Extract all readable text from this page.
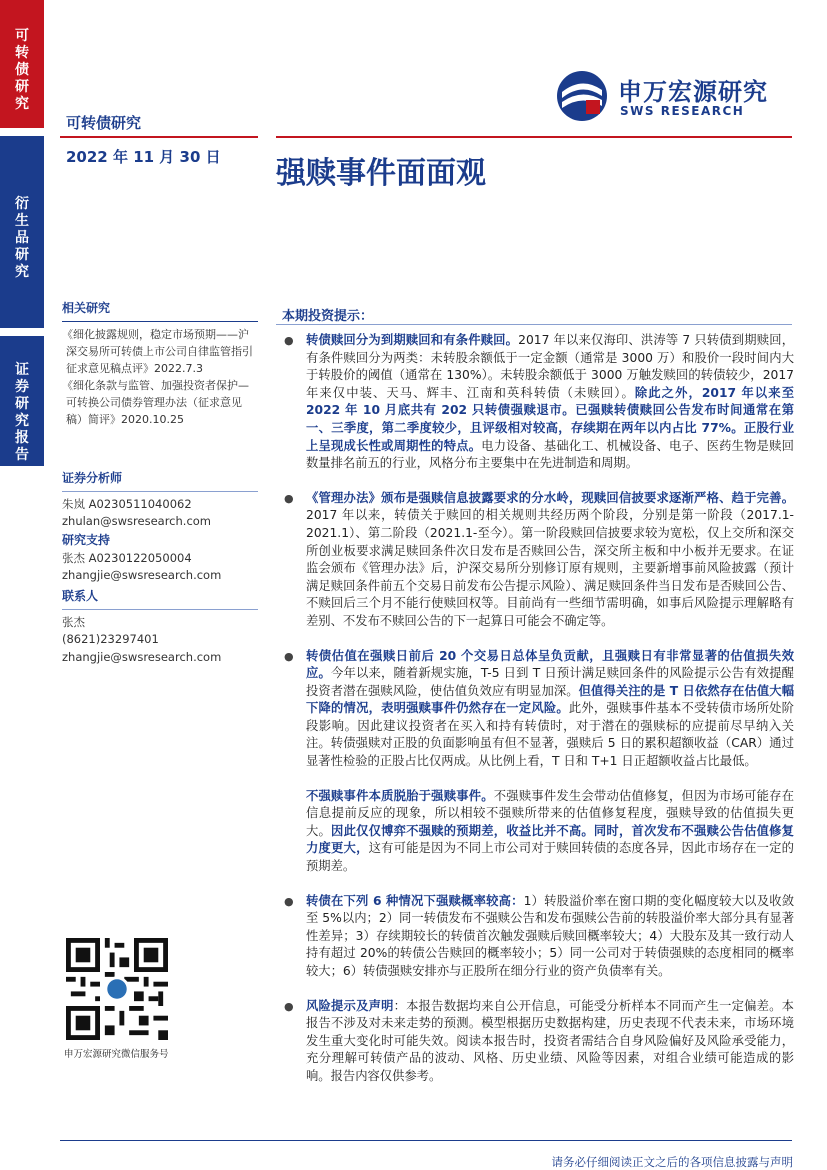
可
转
债
研
究
衍
生
品
研
究
证
券
研
究
报
告
申万宏源研究
SWS RESEARCH
可转债研究
2022 年 11 月 30 日 强赎事件面面观
相关研究
《细化披露规则，稳定市场预期——沪深交易所可转债上市公司自律监管指引征求意见稿点评》2022.7.3
《细化条款与监管、加强投资者保护—可转换公司债券管理办法（征求意见稿）简评》2020.10.25
证券分析师
朱岚 A0230511040062
zhulan@swsresearch.com
研究支持
张杰 A0230122050004
zhangjie@swsresearch.com
联系人
张杰
(8621)23297401
zhangjie@swsresearch.com
申万宏源研究微信服务号
本期投资提示：
● 转债赎回分为到期赎回和有条件赎回。2017 年以来仅海印、洪涛等 7 只转债到期赎回，有条件赎回分为两类：未转股余额低于一定金额（通常是 3000 万）和股价一段时间内大于转股价的阈值（通常在 130%）。未转股余额低于 3000 万触发赎回的转债较少，2017 年来仅中装、天马、辉丰、江南和英科转债（未赎回）。除此之外，2017 年以来至 2022 年 10 月底共有 202 只转债强赎退市。已强赎转债赎回公告发布时间通常在第一、三季度，第二季度较少，且评级相对较高，存续期在两年以内占比 77%。正股行业上呈现成长性或周期性的特点。电力设备、基础化工、机械设备、电子、医药生物是赎回数量排名前五的行业，风格分布主要集中在先进制造和周期。
● 《管理办法》颁布是强赎信息披露要求的分水岭，现赎回信披要求逐渐严格、趋于完善。2017 年以来，转债关于赎回的相关规则共经历两个阶段，分别是第一阶段（2017.1-2021.1）、第二阶段（2021.1-至今）。第一阶段赎回信披要求较为宽松，仅上交所和深交所创业板要求满足赎回条件次日发布是否赎回公告，深交所主板和中小板并无要求。在证监会颁布《管理办法》后，沪深交易所分别修订原有规则，主要新增事前风险披露（预计满足赎回条件前五个交易日前发布公告提示风险）、满足赎回条件当日发布是否赎回公告、不赎回后三个月不能行使赎回权等。目前尚有一些细节需明确，如事后风险提示理解略有差别、不发布不赎回公告的下一起算日可能会不确定等。
● 转债估值在强赎日前后 20 个交易日总体呈负贡献，且强赎日有非常显著的估值损失效应。今年以来，随着新规实施，T-5 日到 T 日预计满足赎回条件的风险提示公告有效提醒投资者潜在强赎风险，使估值负效应有明显加深。但值得关注的是 T 日依然存在估值大幅下降的情况，表明强赎事件仍然存在一定风险。此外，强赎事件基本不受转债市场所处阶段影响。因此建议投资者在买入和持有转债时，对于潜在的强赎标的应提前尽早纳入关注。转债强赎对正股的负面影响虽有但不显著，强赎后 5 日的累积超额收益（CAR）通过显著性检验的正股占比仅两成。从比例上看，T 日和 T+1 日正超额收益占比最低。
不强赎事件本质脱胎于强赎事件。不强赎事件发生会带动估值修复，但因为市场可能存在信息提前反应的现象，所以相较不强赎所带来的估值修复程度，强赎导致的估值损失更大。因此仅仅博弈不强赎的预期差，收益比并不高。同时，首次发布不强赎公告估值修复力度更大，这有可能是因为不同上市公司对于赎回转债的态度各异，因此市场存在一定的预期差。
● 转债在下列 6 种情况下强赎概率较高：1）转股溢价率在窗口期的变化幅度较大以及收敛至 5%以内；2）同一转债发布不强赎公告和发布强赎公告前的转股溢价率大部分具有显著性差异；3）存续期较长的转债首次触发强赎后赎回概率较大；4）大股东及其一致行动人持有超过 20%的转债公告赎回的概率较小；5）同一公司对于转债强赎的态度相同的概率较大；6）转债强赎安排亦与正股所在细分行业的资产负债率有关。
● 风险提示及声明：本报告数据均来自公开信息，可能受分析样本不同而产生一定偏差。本报告不涉及对未来走势的预测。模型根据历史数据构建，历史表现不代表未来，市场环境发生重大变化时可能失效。阅读本报告时，投资者需结合自身风险偏好及风险承受能力，充分理解可转债产品的波动、风格、历史业绩、风险等因素，对组合业绩可能造成的影响。报告内容仅供参考。
请务必仔细阅读正文之后的各项信息披露与声明
